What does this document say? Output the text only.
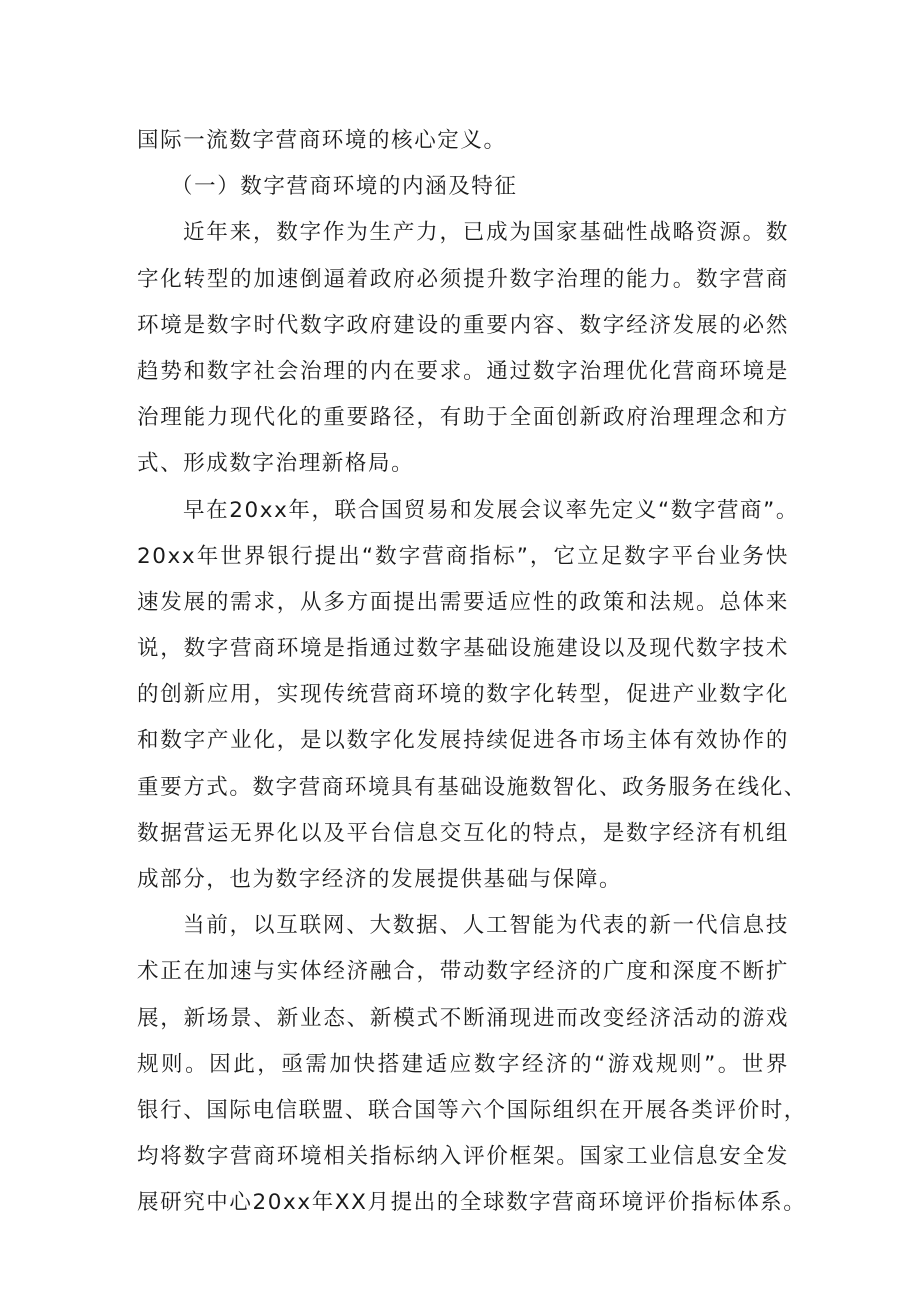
国际一流数字营商环境的核心定义。
（一）数字营商环境的内涵及特征
近年来，数字作为生产力，已成为国家基础性战略资源。数
字化转型的加速倒逼着政府必须提升数字治理的能力。数字营商
环境是数字时代数字政府建设的重要内容、数字经济发展的必然
趋势和数字社会治理的内在要求。通过数字治理优化营商环境是
治理能力现代化的重要路径，有助于全面创新政府治理理念和方
式、形成数字治理新格局。
早在20xx年，联合国贸易和发展会议率先定义“数字营商”。
20xx年世界银行提出“数字营商指标”，它立足数字平台业务快
速发展的需求，从多方面提出需要适应性的政策和法规。总体来
说，数字营商环境是指通过数字基础设施建设以及现代数字技术
的创新应用，实现传统营商环境的数字化转型，促进产业数字化
和数字产业化，是以数字化发展持续促进各市场主体有效协作的
重要方式。数字营商环境具有基础设施数智化、政务服务在线化、
数据营运无界化以及平台信息交互化的特点，是数字经济有机组
成部分，也为数字经济的发展提供基础与保障。
当前，以互联网、大数据、人工智能为代表的新一代信息技
术正在加速与实体经济融合，带动数字经济的广度和深度不断扩
展，新场景、新业态、新模式不断涌现进而改变经济活动的游戏
规则。因此，亟需加快搭建适应数字经济的“游戏规则”。世界
银行、国际电信联盟、联合国等六个国际组织在开展各类评价时，
均将数字营商环境相关指标纳入评价框架。国家工业信息安全发
展研究中心20xx年XX月提出的全球数字营商环境评价指标体系。
